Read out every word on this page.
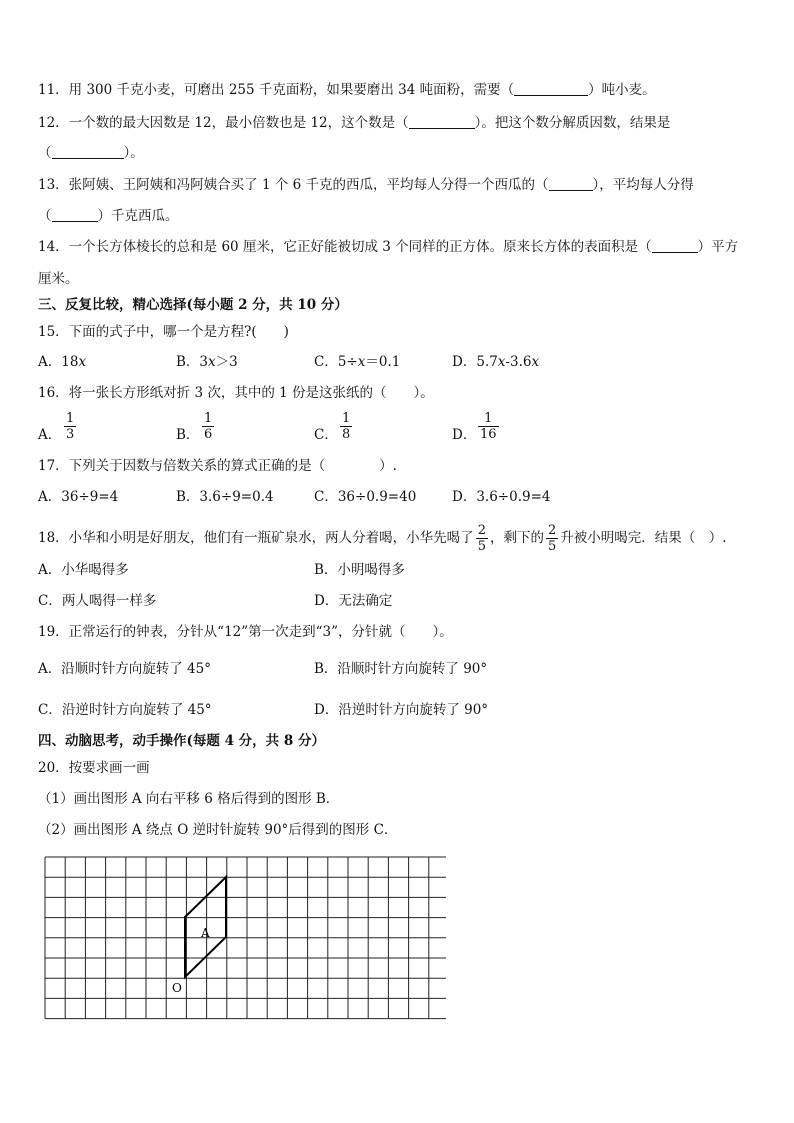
11．用 300 千克小麦，可磨出 255 千克面粉，如果要磨出 34 吨面粉，需要（	）吨小麦。
12．一个数的最大因数是 12，最小倍数也是 12，这个数是（	）。把这个数分解质因数，结果是
（	）。
13．张阿姨、王阿姨和冯阿姨合买了 1 个 6 千克的西瓜，平均每人分得一个西瓜的（	），平均每人分得
（	）千克西瓜。
14．一个长方体棱长的总和是 60 厘米，它正好能被切成 3 个同样的正方体。原来长方体的表面积是（	）平方
厘米。
三、反复比较，精心选择(每小题 2 分，共 10 分）
15．下面的式子中，哪一个是方程?(　　)
A．18x	B．3x＞3	C．5÷x＝0.1	D．5.7x-3.6x
16．将一张长方形纸对折 3 次，其中的 1 份是这张纸的（　　）。
A． $\frac{1}{3}$	B． $\frac{1}{6}$	C． $\frac{1}{8}$	D． $\frac{1}{16}$
17．下列关于因数与倍数关系的算式正确的是（　　　　）.
A．36÷9=4	B．3.6÷9=0.4	C．36÷0.9=40	D．3.6÷0.9=4
18．小华和小明是好朋友，他们有一瓶矿泉水，两人分着喝，小华先喝了 $\frac{2}{5}$ ，剩下的 $\frac{2}{5}$ 升被小明喝完．结果（　）.
A．小华喝得多	B．小明喝得多
C．两人喝得一样多	D．无法确定
19．正常运行的钟表，分针从“12”第一次走到“3”，分针就（　　）。
A．沿顺时针方向旋转了 45°	B．沿顺时针方向旋转了 90°
C．沿逆时针方向旋转了 45°	D．沿逆时针方向旋转了 90°
四、动脑思考，动手操作(每题 4 分，共 8 分）
20．按要求画一画
（1）画出图形 A 向右平移 6 格后得到的图形 B．
（2）画出图形 A 绕点 O 逆时针旋转 90°后得到的图形 C．
A
O
